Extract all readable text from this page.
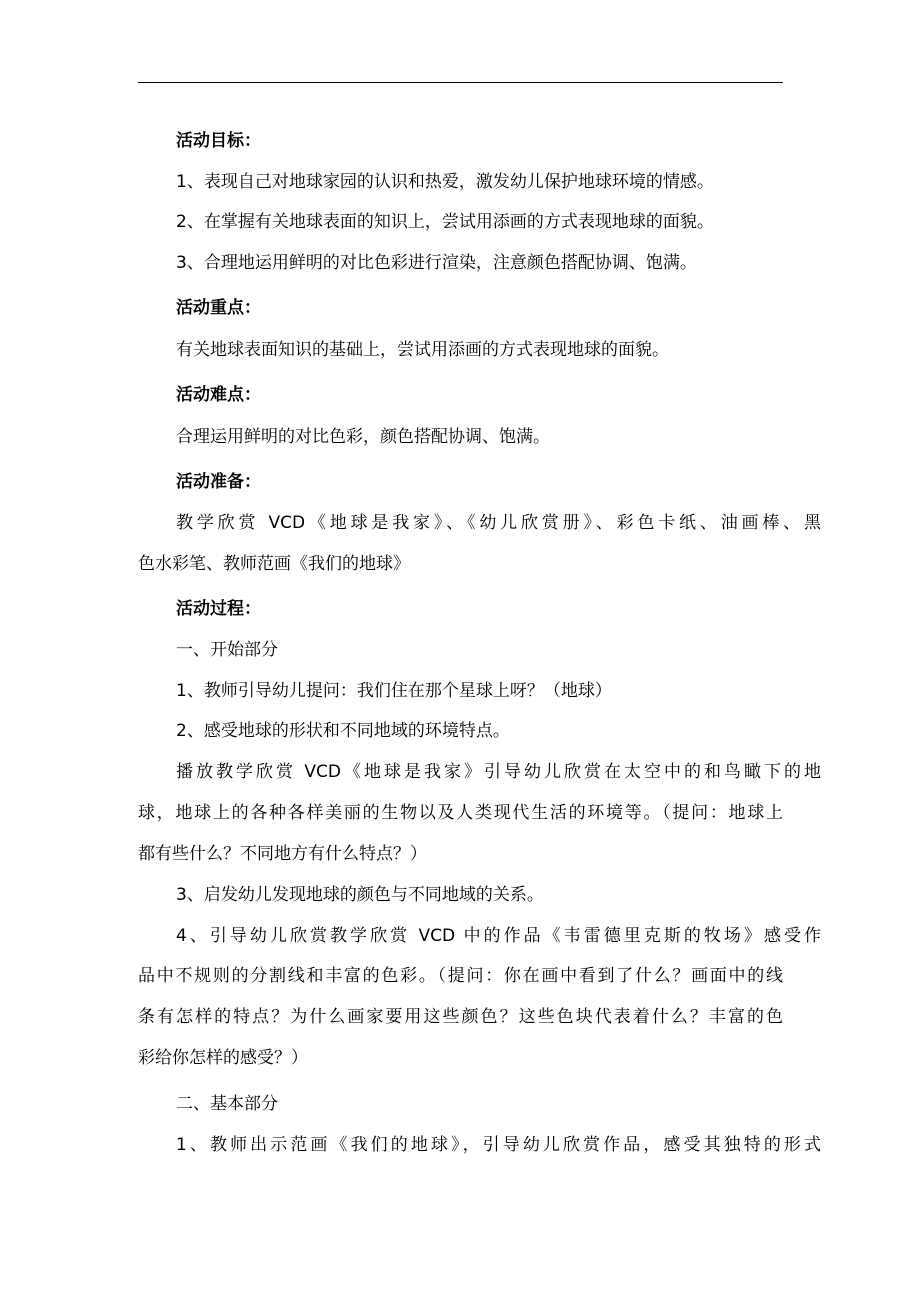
活动目标：

1、表现自己对地球家园的认识和热爱，激发幼儿保护地球环境的情感。

2、在掌握有关地球表面的知识上，尝试用添画的方式表现地球的面貌。

3、合理地运用鲜明的对比色彩进行渲染，注意颜色搭配协调、饱满。

活动重点：

有关地球表面知识的基础上，尝试用添画的方式表现地球的面貌。

活动难点：

合理运用鲜明的对比色彩，颜色搭配协调、饱满。

活动准备：

教学欣赏 VCD《地球是我家》、《幼儿欣赏册》、彩色卡纸、油画棒、黑

色水彩笔、教师范画《我们的地球》

活动过程：

一、开始部分

1、教师引导幼儿提问：我们住在那个星球上呀？（地球）

2、感受地球的形状和不同地域的环境特点。

播放教学欣赏 VCD《地球是我家》引导幼儿欣赏在太空中的和鸟瞰下的地

球，地球上的各种各样美丽的生物以及人类现代生活的环境等。（提问：地球上

都有些什么？不同地方有什么特点？）

3、启发幼儿发现地球的颜色与不同地域的关系。

4、引导幼儿欣赏教学欣赏 VCD 中的作品《韦雷德里克斯的牧场》感受作

品中不规则的分割线和丰富的色彩。（提问：你在画中看到了什么？画面中的线

条有怎样的特点？为什么画家要用这些颜色？这些色块代表着什么？丰富的色

彩给你怎样的感受？）

二、基本部分

1、教师出示范画《我们的地球》，引导幼儿欣赏作品，感受其独特的形式
